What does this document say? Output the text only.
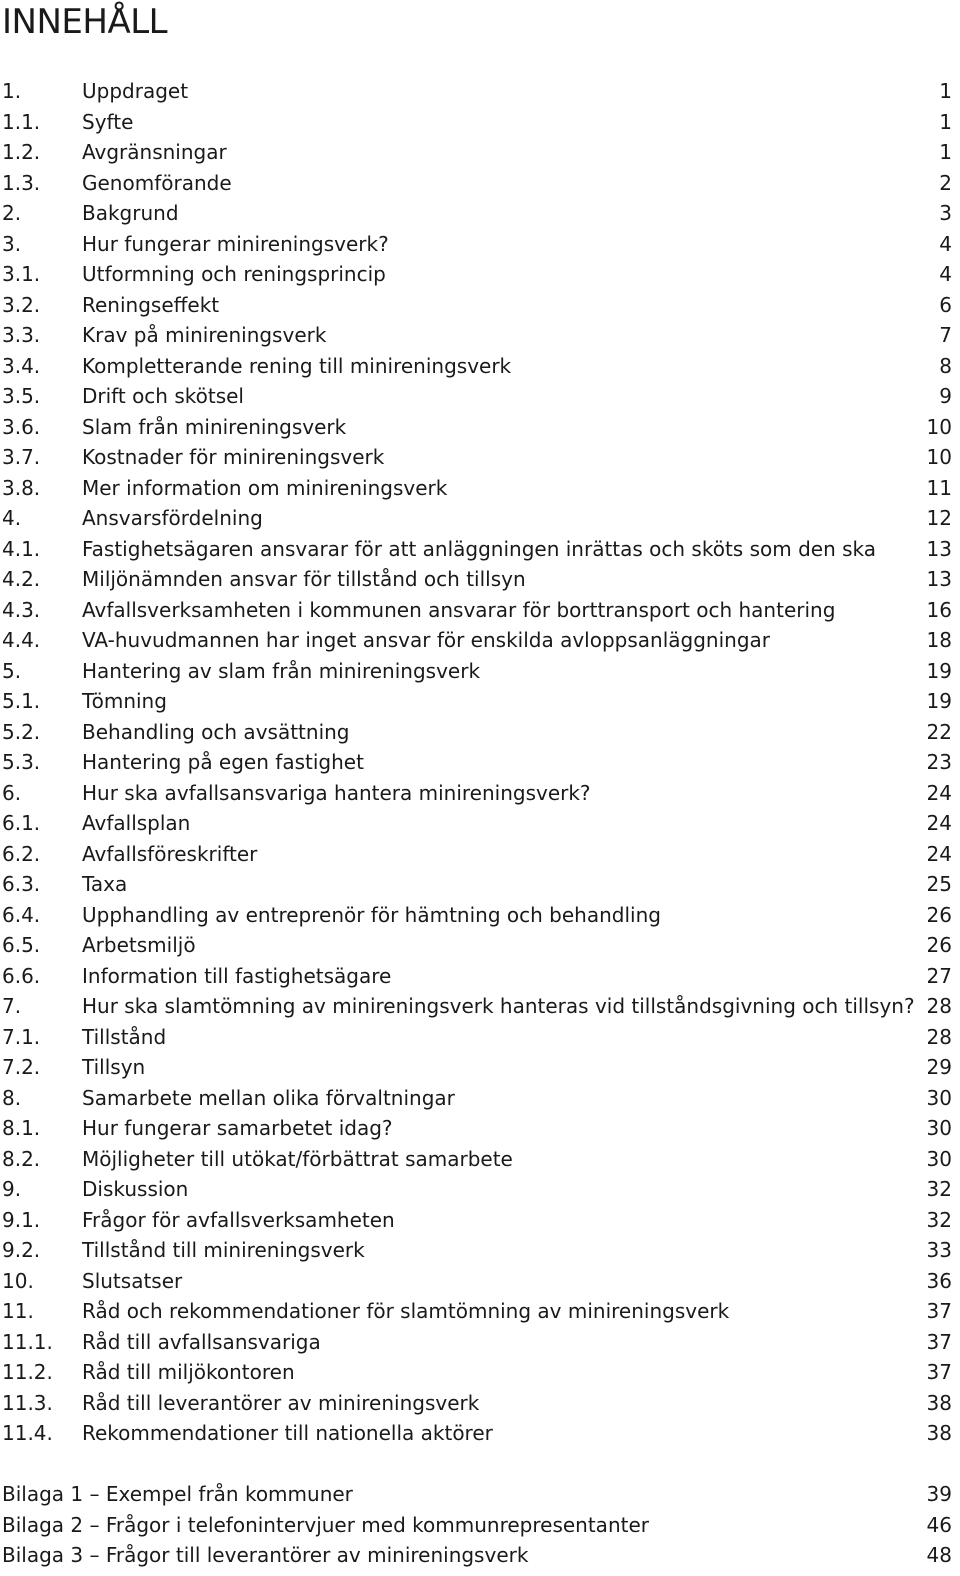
INNEHÅLL
1.	Uppdraget	1
1.1. Syfte	1
1.2. Avgränsningar	1
1.3. Genomförande	2
2.	Bakgrund	3
3.	Hur fungerar minireningsverk?	4
3.1. Utformning och reningsprincip	4
3.2. Reningseffekt	6
3.3. Krav på minireningsverk	7
3.4. Kompletterande rening till minireningsverk	8
3.5. Drift och skötsel	9
3.6. Slam från minireningsverk	10
3.7. Kostnader för minireningsverk	10
3.8. Mer information om minireningsverk	11
4.	Ansvarsfördelning	12
4.1. Fastighetsägaren ansvarar för att anläggningen inrättas och sköts som den ska	13
4.2. Miljönämnden ansvar för tillstånd och tillsyn	13
4.3. Avfallsverksamheten i kommunen ansvarar för borttransport och hantering	16
4.4. VA-huvudmannen har inget ansvar för enskilda avloppsanläggningar	18
5.	Hantering av slam från minireningsverk	19
5.1. Tömning	19
5.2. Behandling och avsättning	22
5.3. Hantering på egen fastighet	23
6.	Hur ska avfallsansvariga hantera minireningsverk?	24
6.1. Avfallsplan	24
6.2. Avfallsföreskrifter	24
6.3. Taxa	25
6.4. Upphandling av entreprenör för hämtning och behandling	26
6.5. Arbetsmiljö	26
6.6. Information till fastighetsägare	27
7.	Hur ska slamtömning av minireningsverk hanteras vid tillståndsgivning och tillsyn? 28
7.1. Tillstånd	28
7.2. Tillsyn	29
8.	Samarbete mellan olika förvaltningar	30
8.1. Hur fungerar samarbetet idag?	30
8.2. Möjligheter till utökat/förbättrat samarbete	30
9.	Diskussion	32
9.1. Frågor för avfallsverksamheten	32
9.2. Tillstånd till minireningsverk	33
10. Slutsatser	36
11. Råd och rekommendationer för slamtömning av minireningsverk	37
11.1. Råd till avfallsansvariga	37
11.2. Råd till miljökontoren	37
11.3. Råd till leverantörer av minireningsverk	38
11.4. Rekommendationer till nationella aktörer	38
Bilaga 1 – Exempel från kommuner	39
Bilaga 2 – Frågor i telefonintervjuer med kommunrepresentanter	46
Bilaga 3 – Frågor till leverantörer av minireningsverk	48
